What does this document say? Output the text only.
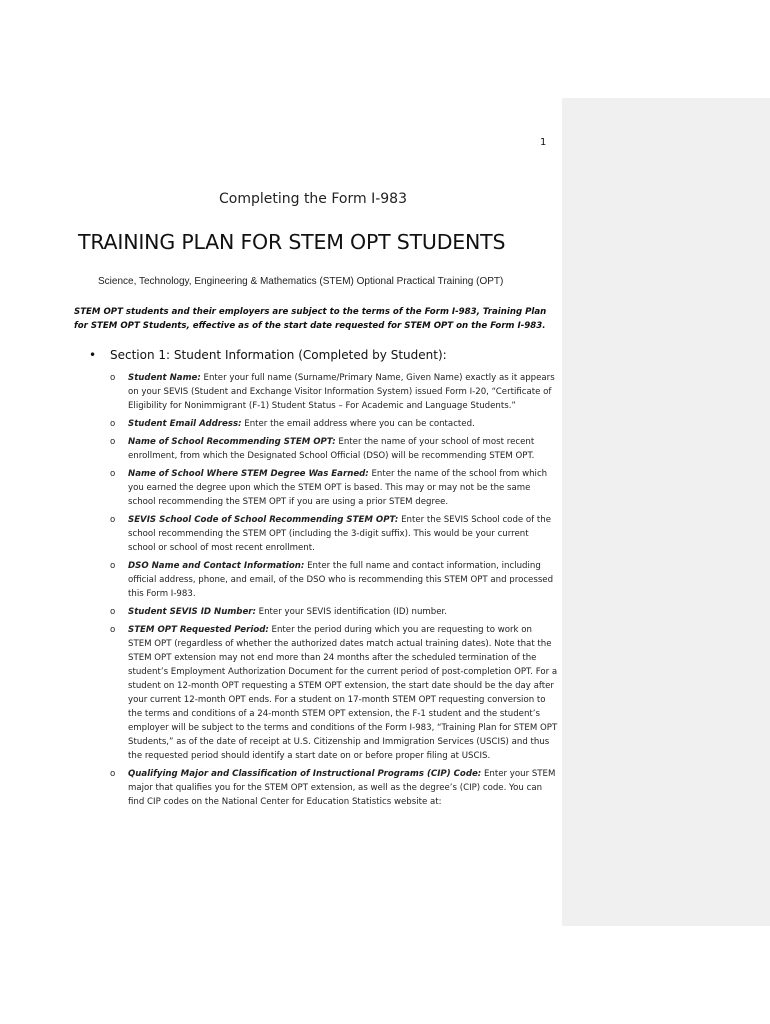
1
Completing the Form I-983
TRAINING PLAN FOR STEM OPT STUDENTS
Science, Technology, Engineering & Mathematics (STEM) Optional Practical Training (OPT)
STEM OPT students and their employers are subject to the terms of the Form I-983, Training Plan for STEM OPT Students, effective as of the start date requested for STEM OPT on the Form I-983.
• Section 1: Student Information (Completed by Student):
o Student Name: Enter your full name (Surname/Primary Name, Given Name) exactly as it appears on your SEVIS (Student and Exchange Visitor Information System) issued Form I-20, “Certificate of Eligibility for Nonimmigrant (F-1) Student Status – For Academic and Language Students.”
o Student Email Address: Enter the email address where you can be contacted.
o Name of School Recommending STEM OPT: Enter the name of your school of most recent enrollment, from which the Designated School Official (DSO) will be recommending STEM OPT.
o Name of School Where STEM Degree Was Earned: Enter the name of the school from which you earned the degree upon which the STEM OPT is based. This may or may not be the same school recommending the STEM OPT if you are using a prior STEM degree.
o SEVIS School Code of School Recommending STEM OPT: Enter the SEVIS School code of the school recommending the STEM OPT (including the 3-digit suffix). This would be your current school or school of most recent enrollment.
o DSO Name and Contact Information: Enter the full name and contact information, including official address, phone, and email, of the DSO who is recommending this STEM OPT and processed this Form I-983.
o Student SEVIS ID Number: Enter your SEVIS identification (ID) number.
o STEM OPT Requested Period: Enter the period during which you are requesting to work on STEM OPT (regardless of whether the authorized dates match actual training dates). Note that the STEM OPT extension may not end more than 24 months after the scheduled termination of the student’s Employment Authorization Document for the current period of post-completion OPT. For a student on 12-month OPT requesting a STEM OPT extension, the start date should be the day after your current 12-month OPT ends. For a student on 17-month STEM OPT requesting conversion to the terms and conditions of a 24-month STEM OPT extension, the F-1 student and the student’s employer will be subject to the terms and conditions of the Form I-983, “Training Plan for STEM OPT Students,” as of the date of receipt at U.S. Citizenship and Immigration Services (USCIS) and thus the requested period should identify a start date on or before proper filing at USCIS.
o Qualifying Major and Classification of Instructional Programs (CIP) Code: Enter your STEM major that qualifies you for the STEM OPT extension, as well as the degree’s (CIP) code. You can find CIP codes on the National Center for Education Statistics website at:
